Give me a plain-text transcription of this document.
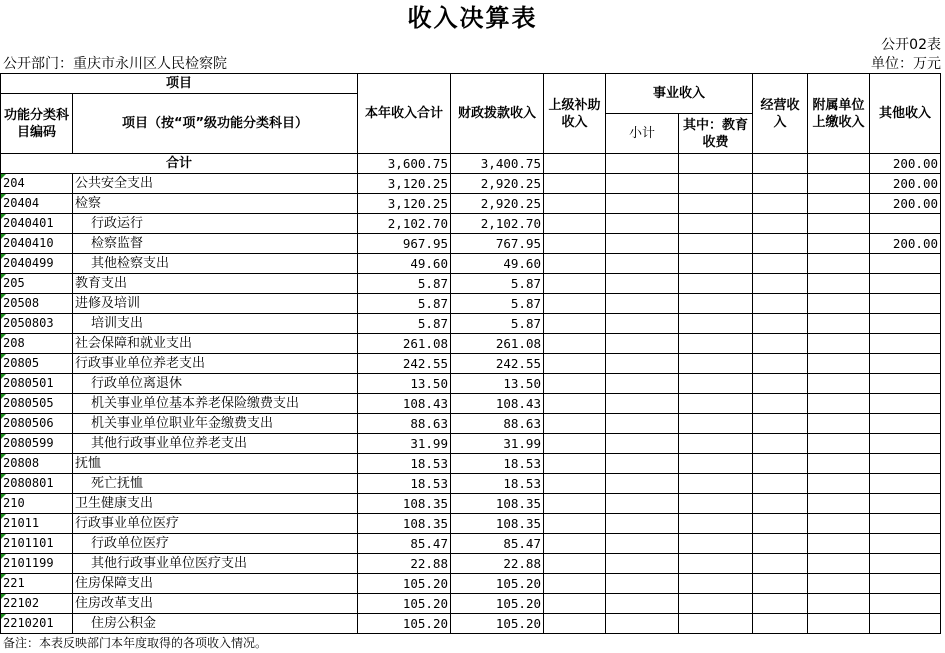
收入决算表
公开02表
公开部门：重庆市永川区人民检察院	单位：万元
项目		本年收入合计	财政拨款收入	上级补助收入	事业收入		经营收入	附属单位上缴收入	其他收入
功能分类科目编码	项目（按“项”级功能分类科目）								
					小计	其中：教育收费			

合计		3,600.75	3,400.75						200.00
204	公共安全支出	3,120.25	2,920.25						200.00
20404	检察	3,120.25	2,920.25						200.00
2040401	行政运行	2,102.70	2,102.70						
2040410	检察监督	967.95	767.95						200.00
2040499	其他检察支出	49.60	49.60						
205	教育支出	5.87	5.87						
20508	进修及培训	5.87	5.87						
2050803	培训支出	5.87	5.87						
208	社会保障和就业支出	261.08	261.08						
20805	行政事业单位养老支出	242.55	242.55						
2080501	行政单位离退休	13.50	13.50						
2080505	机关事业单位基本养老保险缴费支出	108.43	108.43						
2080506	机关事业单位职业年金缴费支出	88.63	88.63						
2080599	其他行政事业单位养老支出	31.99	31.99						
20808	抚恤	18.53	18.53						
2080801	死亡抚恤	18.53	18.53						
210	卫生健康支出	108.35	108.35						
21011	行政事业单位医疗	108.35	108.35						
2101101	行政单位医疗	85.47	85.47						
2101199	其他行政事业单位医疗支出	22.88	22.88						
221	住房保障支出	105.20	105.20						
22102	住房改革支出	105.20	105.20						
2210201	住房公积金	105.20	105.20						
备注：本表反映部门本年度取得的各项收入情况。
